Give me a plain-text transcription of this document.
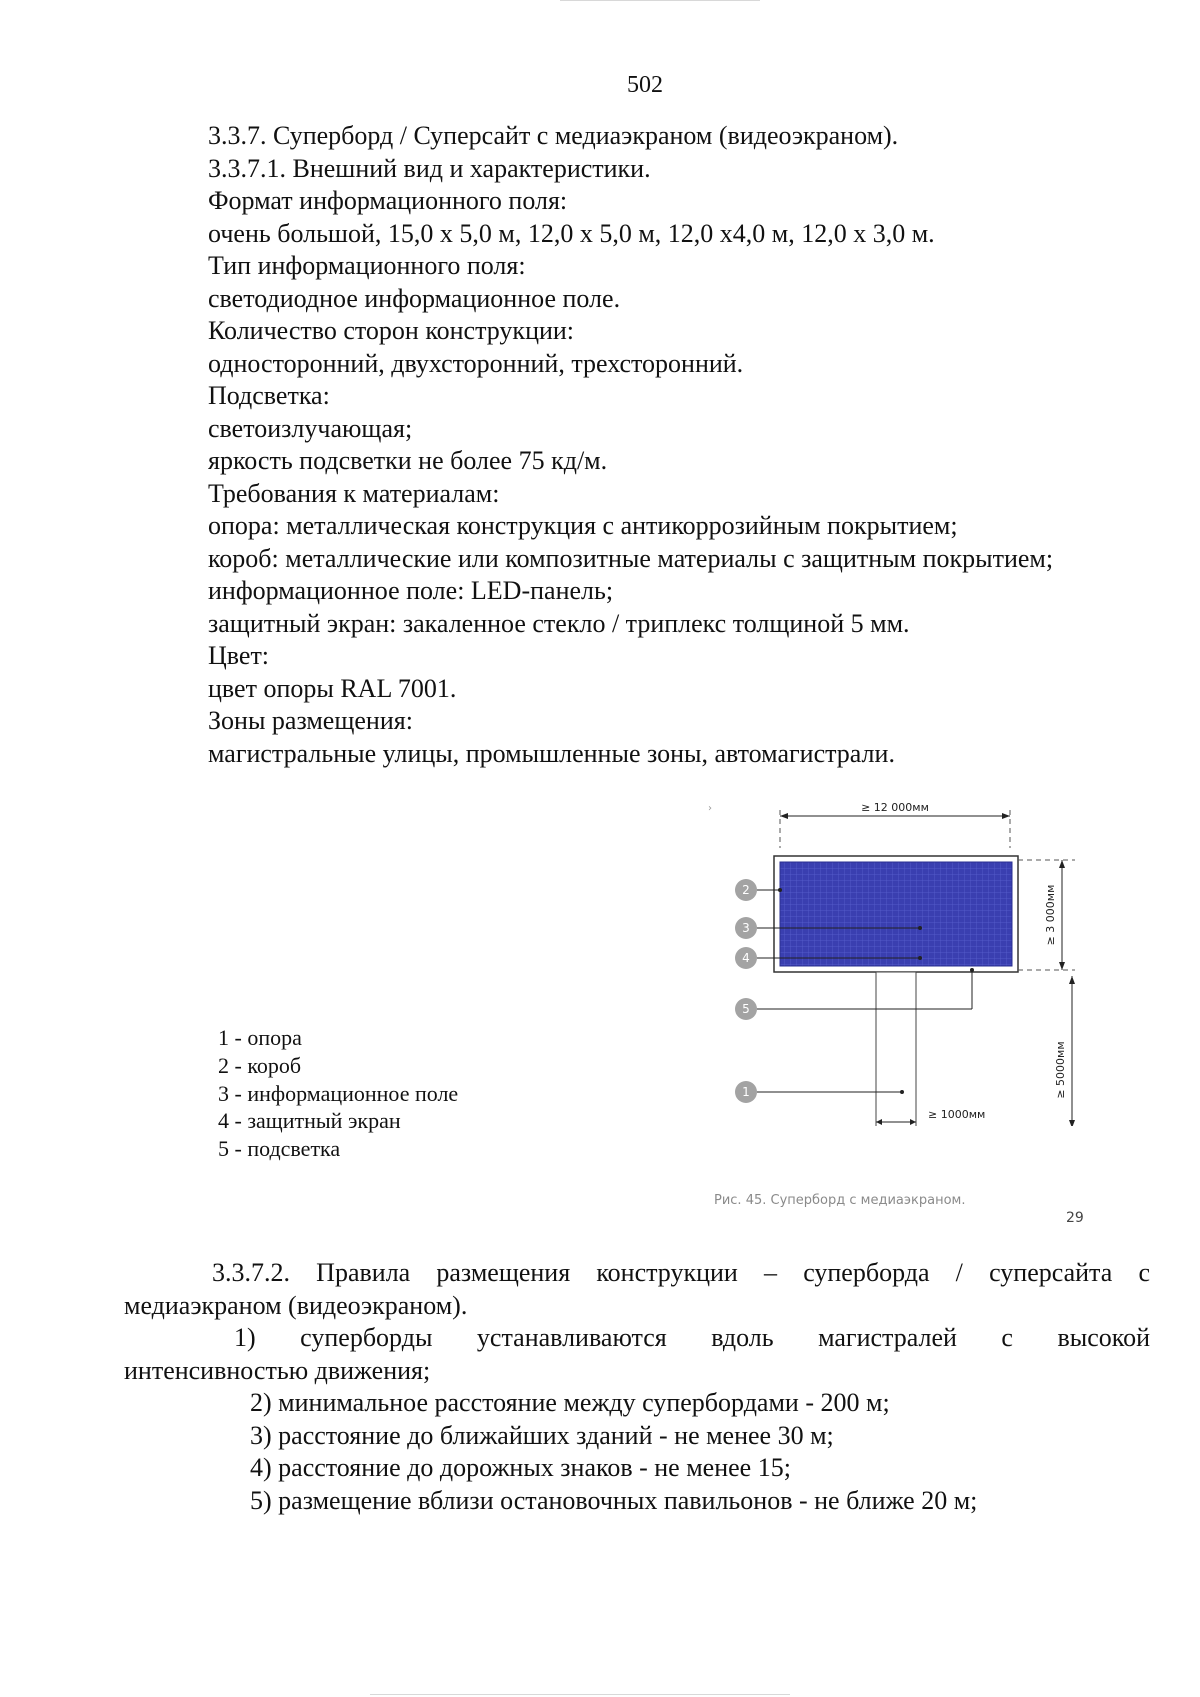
502
3.3.7. Суперборд / Суперсайт с медиаэкраном (видеоэкраном).
3.3.7.1. Внешний вид и характеристики.
Формат информационного поля:
очень большой, 15,0 х 5,0 м, 12,0 х 5,0 м, 12,0 х4,0 м, 12,0 х 3,0 м.
Тип информационного поля:
светодиодное информационное поле.
Количество сторон конструкции:
односторонний, двухсторонний, трехсторонний.
Подсветка:
светоизлучающая;
яркость подсветки не более 75 кд/м.
Требования к материалам:
опора: металлическая конструкция с антикоррозийным покрытием;
короб: металлические или композитные материалы с защитным покрытием;
информационное поле: LED-панель;
защитный экран: закаленное стекло / триплекс толщиной 5 мм.
Цвет:
цвет опоры RAL 7001.
Зоны размещения:
магистральные улицы, промышленные зоны, автомагистрали.
1 - опора
2 - короб
3 - информационное поле
4 - защитный экран
5 - подсветка
›	≥ 12 000мм
≥ 3 000мм
≥ 5000мм
≥ 1000мм
2
3
4
5
1
Рис. 45. Суперборд с медиаэкраном.
29
3.3.7.2. Правила размещения конструкции – суперборда / суперсайта с
медиаэкраном (видеоэкраном).
1) суперборды устанавливаются вдоль магистралей с высокой
интенсивностью движения;
2) минимальное расстояние между супербордами - 200 м;
3) расстояние до ближайших зданий - не менее 30 м;
4) расстояние до дорожных знаков - не менее 15;
5) размещение вблизи остановочных павильонов - не ближе 20 м;
